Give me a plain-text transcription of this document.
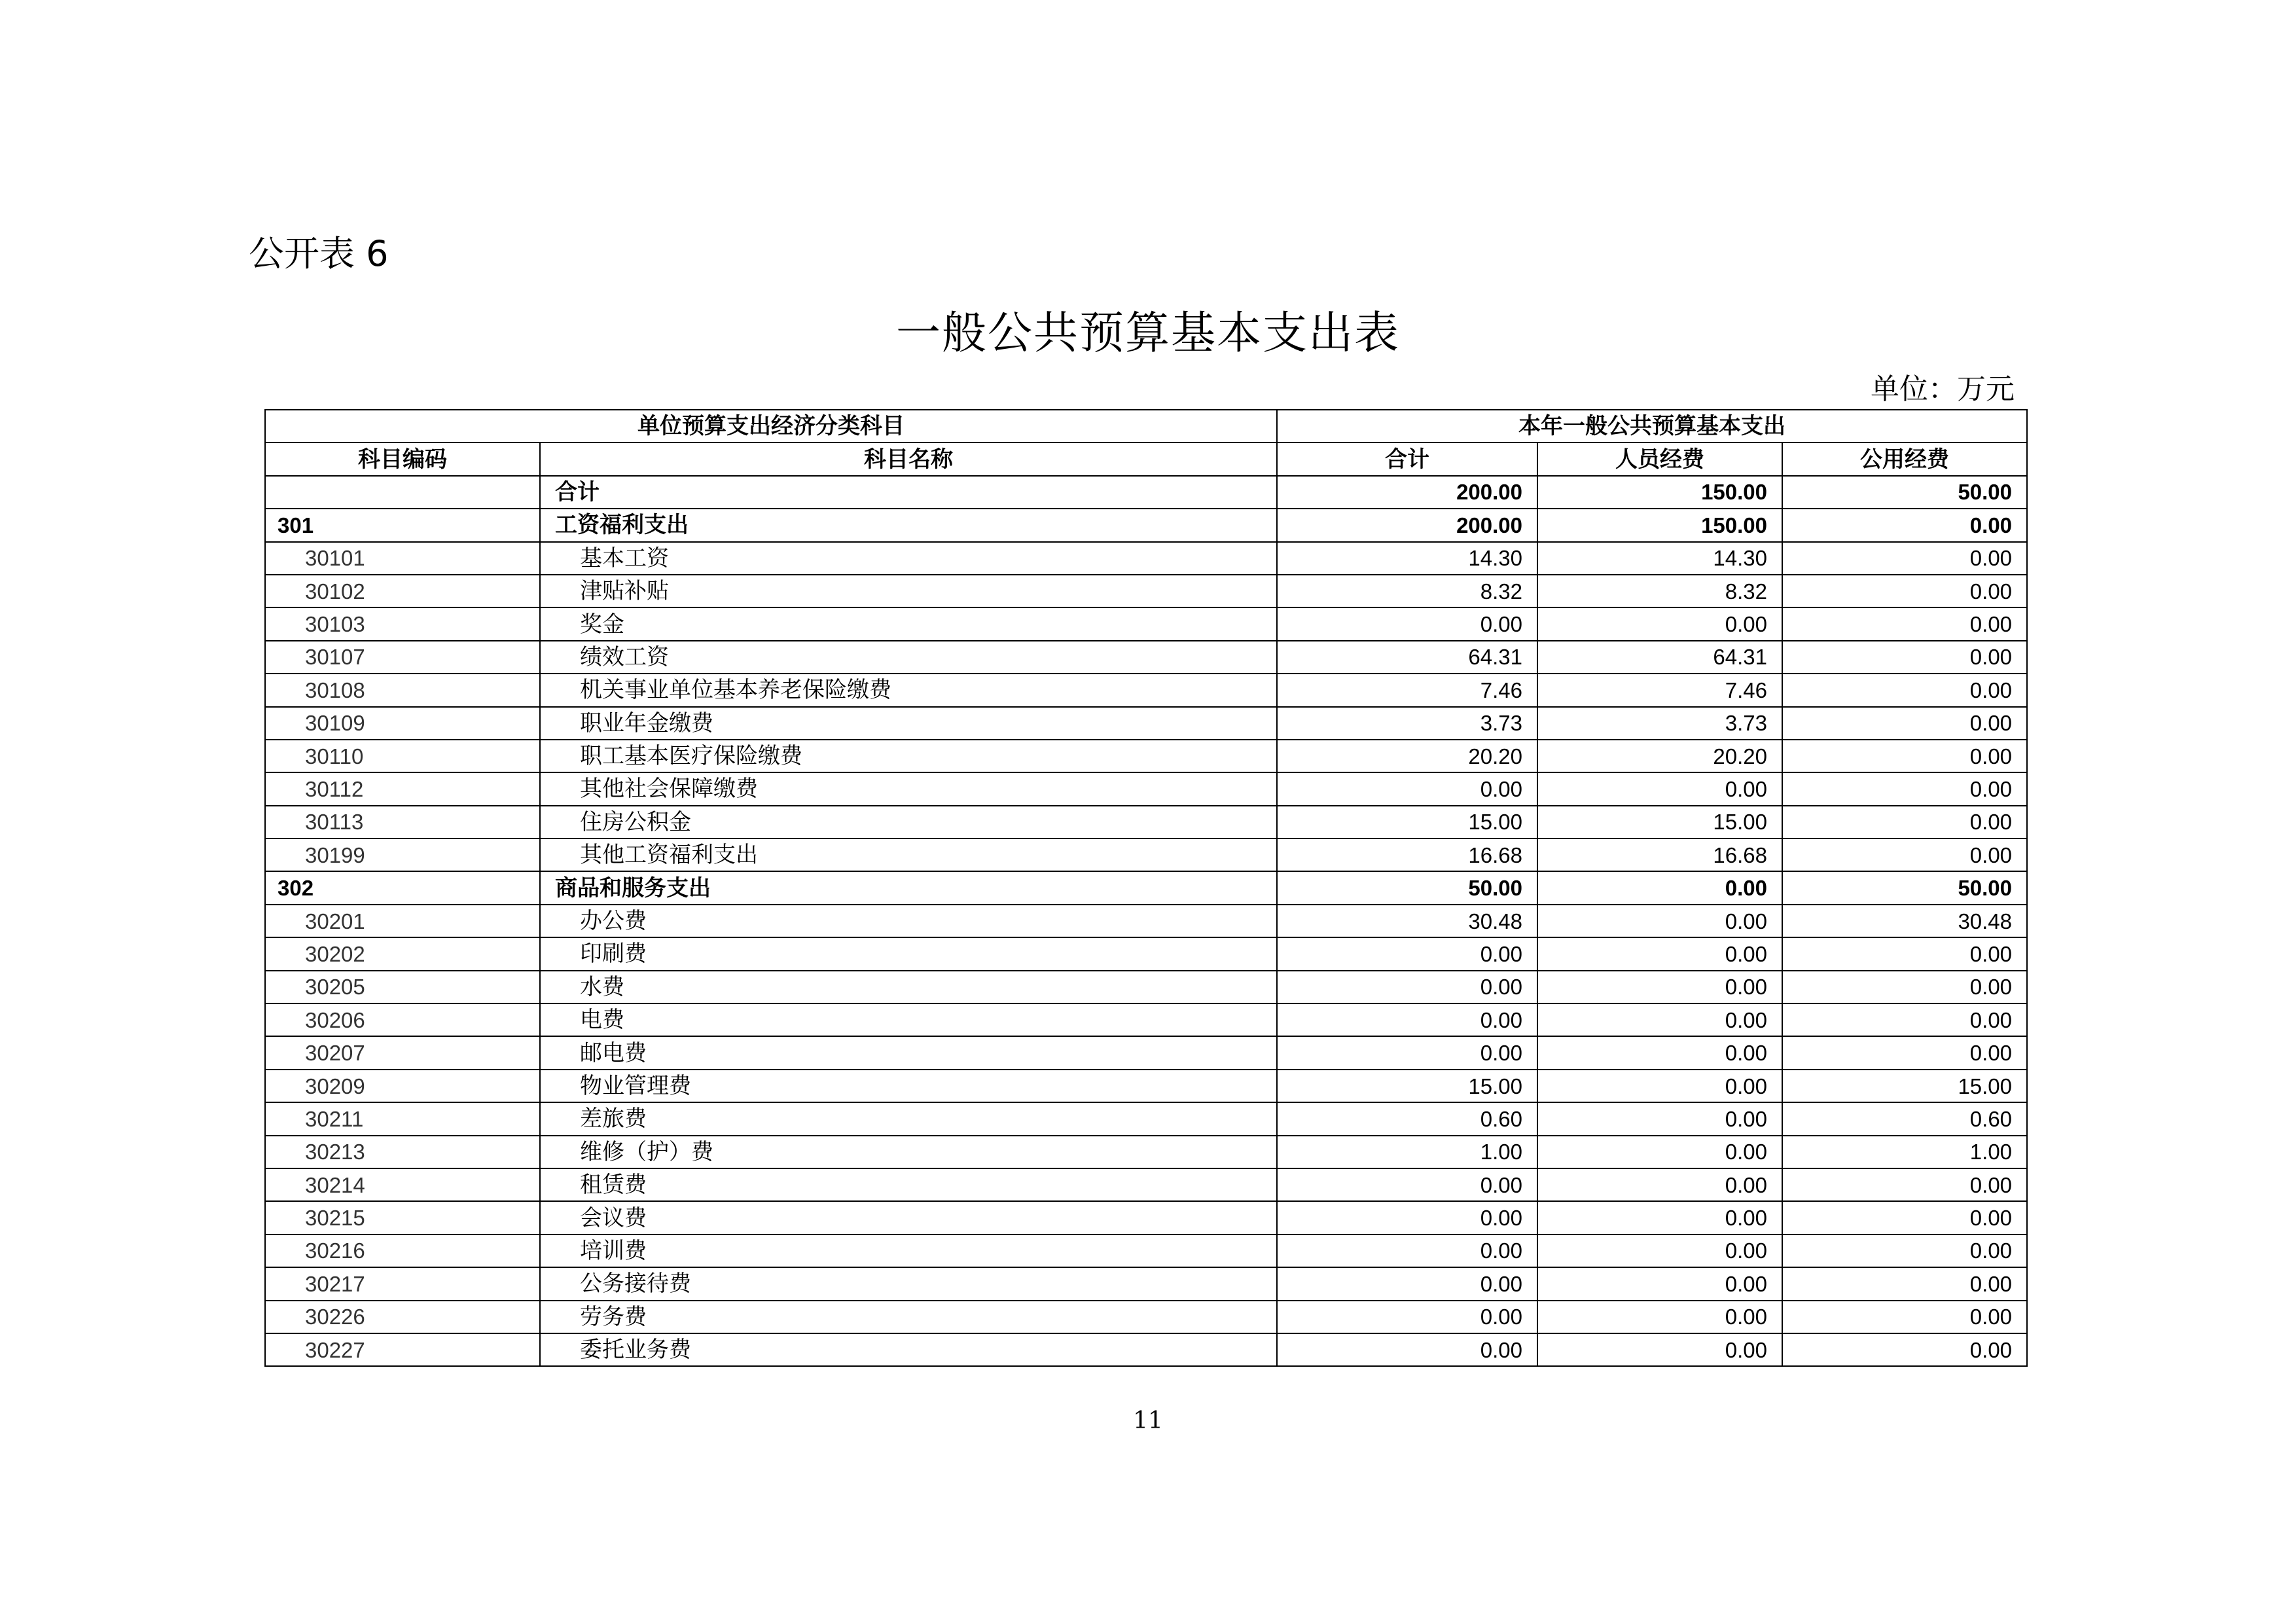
公开表 6
一般公共预算基本支出表
单位：万元
单位预算支出经济分类科目		本年一般公共预算基本支出		
科目编码	科目名称	合计	人员经费	公用经费
	合计	200.00	150.00	50.00
301	工资福利支出	200.00	150.00	0.00
30101	基本工资	14.30	14.30	0.00
30102	津贴补贴	8.32	8.32	0.00
30103	奖金	0.00	0.00	0.00
30107	绩效工资	64.31	64.31	0.00
30108	机关事业单位基本养老保险缴费	7.46	7.46	0.00
30109	职业年金缴费	3.73	3.73	0.00
30110	职工基本医疗保险缴费	20.20	20.20	0.00
30112	其他社会保障缴费	0.00	0.00	0.00
30113	住房公积金	15.00	15.00	0.00
30199	其他工资福利支出	16.68	16.68	0.00
302	商品和服务支出	50.00	0.00	50.00
30201	办公费	30.48	0.00	30.48
30202	印刷费	0.00	0.00	0.00
30205	水费	0.00	0.00	0.00
30206	电费	0.00	0.00	0.00
30207	邮电费	0.00	0.00	0.00
30209	物业管理费	15.00	0.00	15.00
30211	差旅费	0.60	0.00	0.60
30213	维修（护）费	1.00	0.00	1.00
30214	租赁费	0.00	0.00	0.00
30215	会议费	0.00	0.00	0.00
30216	培训费	0.00	0.00	0.00
30217	公务接待费	0.00	0.00	0.00
30226	劳务费	0.00	0.00	0.00
30227	委托业务费	0.00	0.00	0.00
11
